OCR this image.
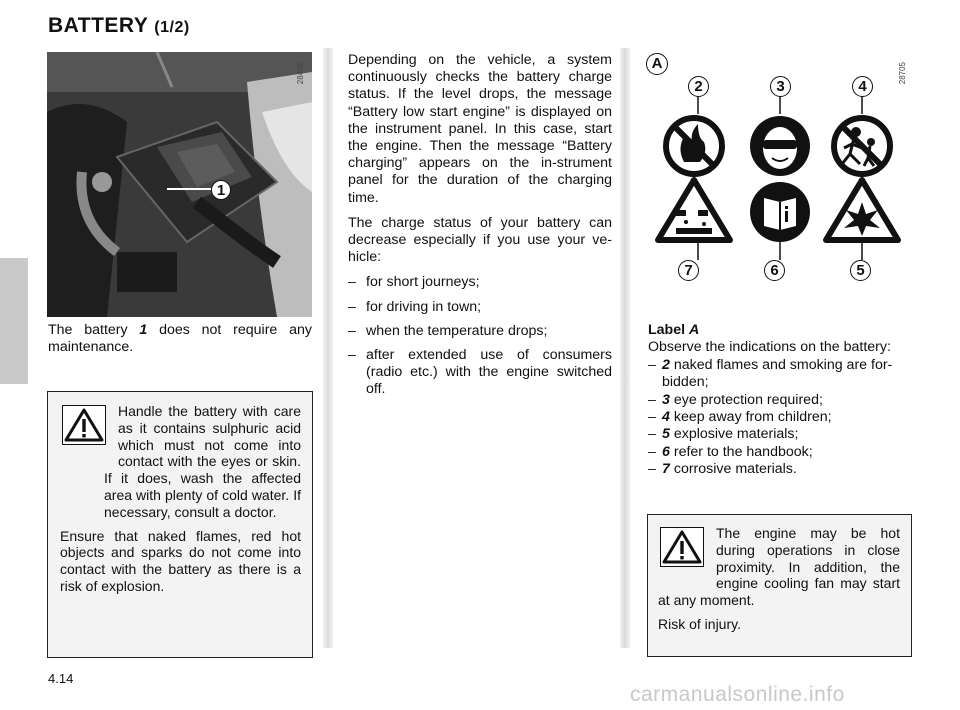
BATTERY (1/2)
1
28446
The battery 1 does not require any maintenance.

Handle the battery with care as it contains sulphuric acid which must not come into contact with the eyes or skin. If it does, wash the affected area with plenty of cold water. If necessary, consult a doctor.

Ensure that naked flames, red hot objects and sparks do not come into contact with the battery as there is a risk of explosion.

Depending on the vehicle, a system continuously checks the battery charge status. If the level drops, the message “Battery low start engine” is displayed on the instrument panel. In this case, start the engine. Then the message “Battery charging” appears on the in-strument panel for the duration of the charging time.

The charge status of your battery can decrease especially if you use your ve-hicle:

– for short journeys;
– for driving in town;
– when the temperature drops;
– after extended use of consumers (radio etc.) with the engine switched off.
A
2	3	4
7	6	5
28705
Label A
Observe the indications on the battery:
– 2 naked flames and smoking are for-bidden;
– 3 eye protection required;
– 4 keep away from children;
– 5 explosive materials;
– 6 refer to the handbook;
– 7 corrosive materials.

The engine may be hot during operations in close proximity. In addition, the engine cooling fan may start at any moment.

Risk of injury.

4.14
carmanualsonline.info
